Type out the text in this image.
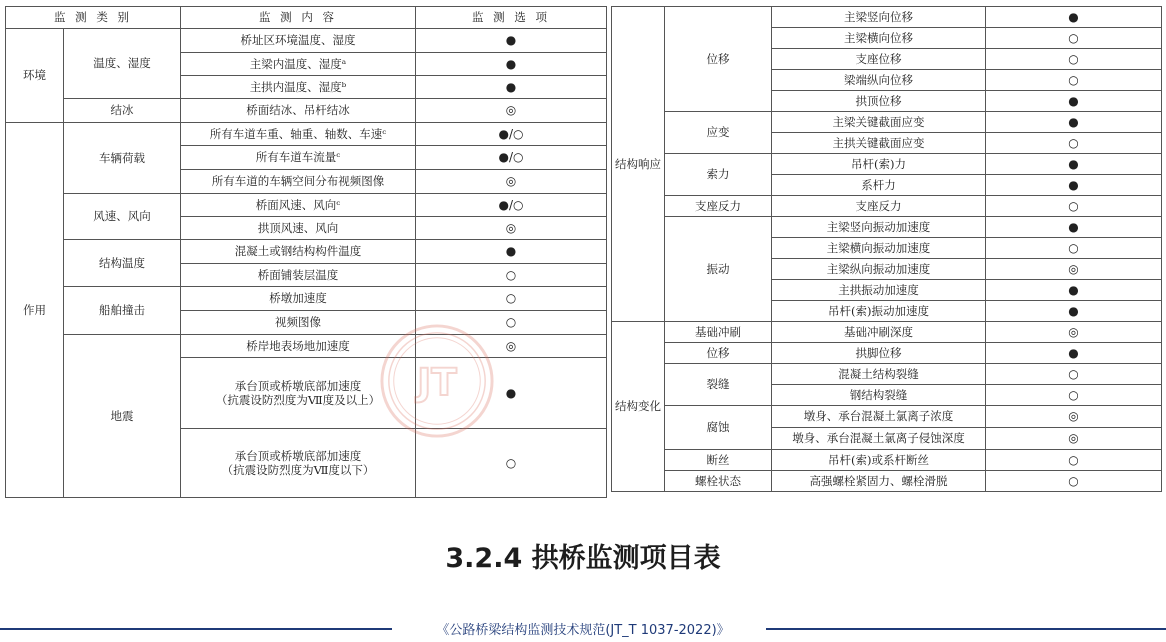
监 测 类 别		监 测 内 容	监 测 选 项
环境	温度、湿度	桥址区环境温度、湿度	●
		主梁内温度、湿度ᵃ	●
		主拱内温度、湿度ᵇ	●
	结冰	桥面结冰、吊杆结冰	◎
作用	车辆荷载	所有车道车重、轴重、轴数、车速ᶜ	●/○
		所有车道车流量ᶜ	●/○
		所有车道的车辆空间分布视频图像	◎
	风速、风向	桥面风速、风向ᶜ	●/○
		拱顶风速、风向	◎
	结构温度	混凝土或钢结构构件温度	●
		桥面铺装层温度	○
	船舶撞击	桥墩加速度	○
		视频图像	○
	地震	桥岸地表场地加速度	◎

		承台顶或桥墩底部加速度
（抗震设防烈度为Ⅶ度及以上）	●

		承台顶或桥墩底部加速度
（抗震设防烈度为Ⅶ度以下）	○
结构响应	位移	主梁竖向位移	●
		主梁横向位移	○
		支座位移	○
		梁端纵向位移	○
		拱顶位移	●
	应变	主梁关键截面应变	●
		主拱关键截面应变	○
	索力	吊杆(索)力	●
		系杆力	●
	支座反力	支座反力	○
	振动	主梁竖向振动加速度	●
		主梁横向振动加速度	○
		主梁纵向振动加速度	◎
		主拱振动加速度	●
		吊杆(索)振动加速度	●
结构变化	基础冲刷	基础冲刷深度	◎
	位移	拱脚位移	●
	裂缝	混凝土结构裂缝	○
		钢结构裂缝	○
	腐蚀	墩身、承台混凝土氯离子浓度	◎
		墩身、承台混凝土氯离子侵蚀深度	◎
	断丝	吊杆(索)或系杆断丝	○
	螺栓状态	高强螺栓紧固力、螺栓滑脱	○
JT
3.2.4 拱桥监测项目表
《公路桥梁结构监测技术规范(JT_T 1037-2022)》
